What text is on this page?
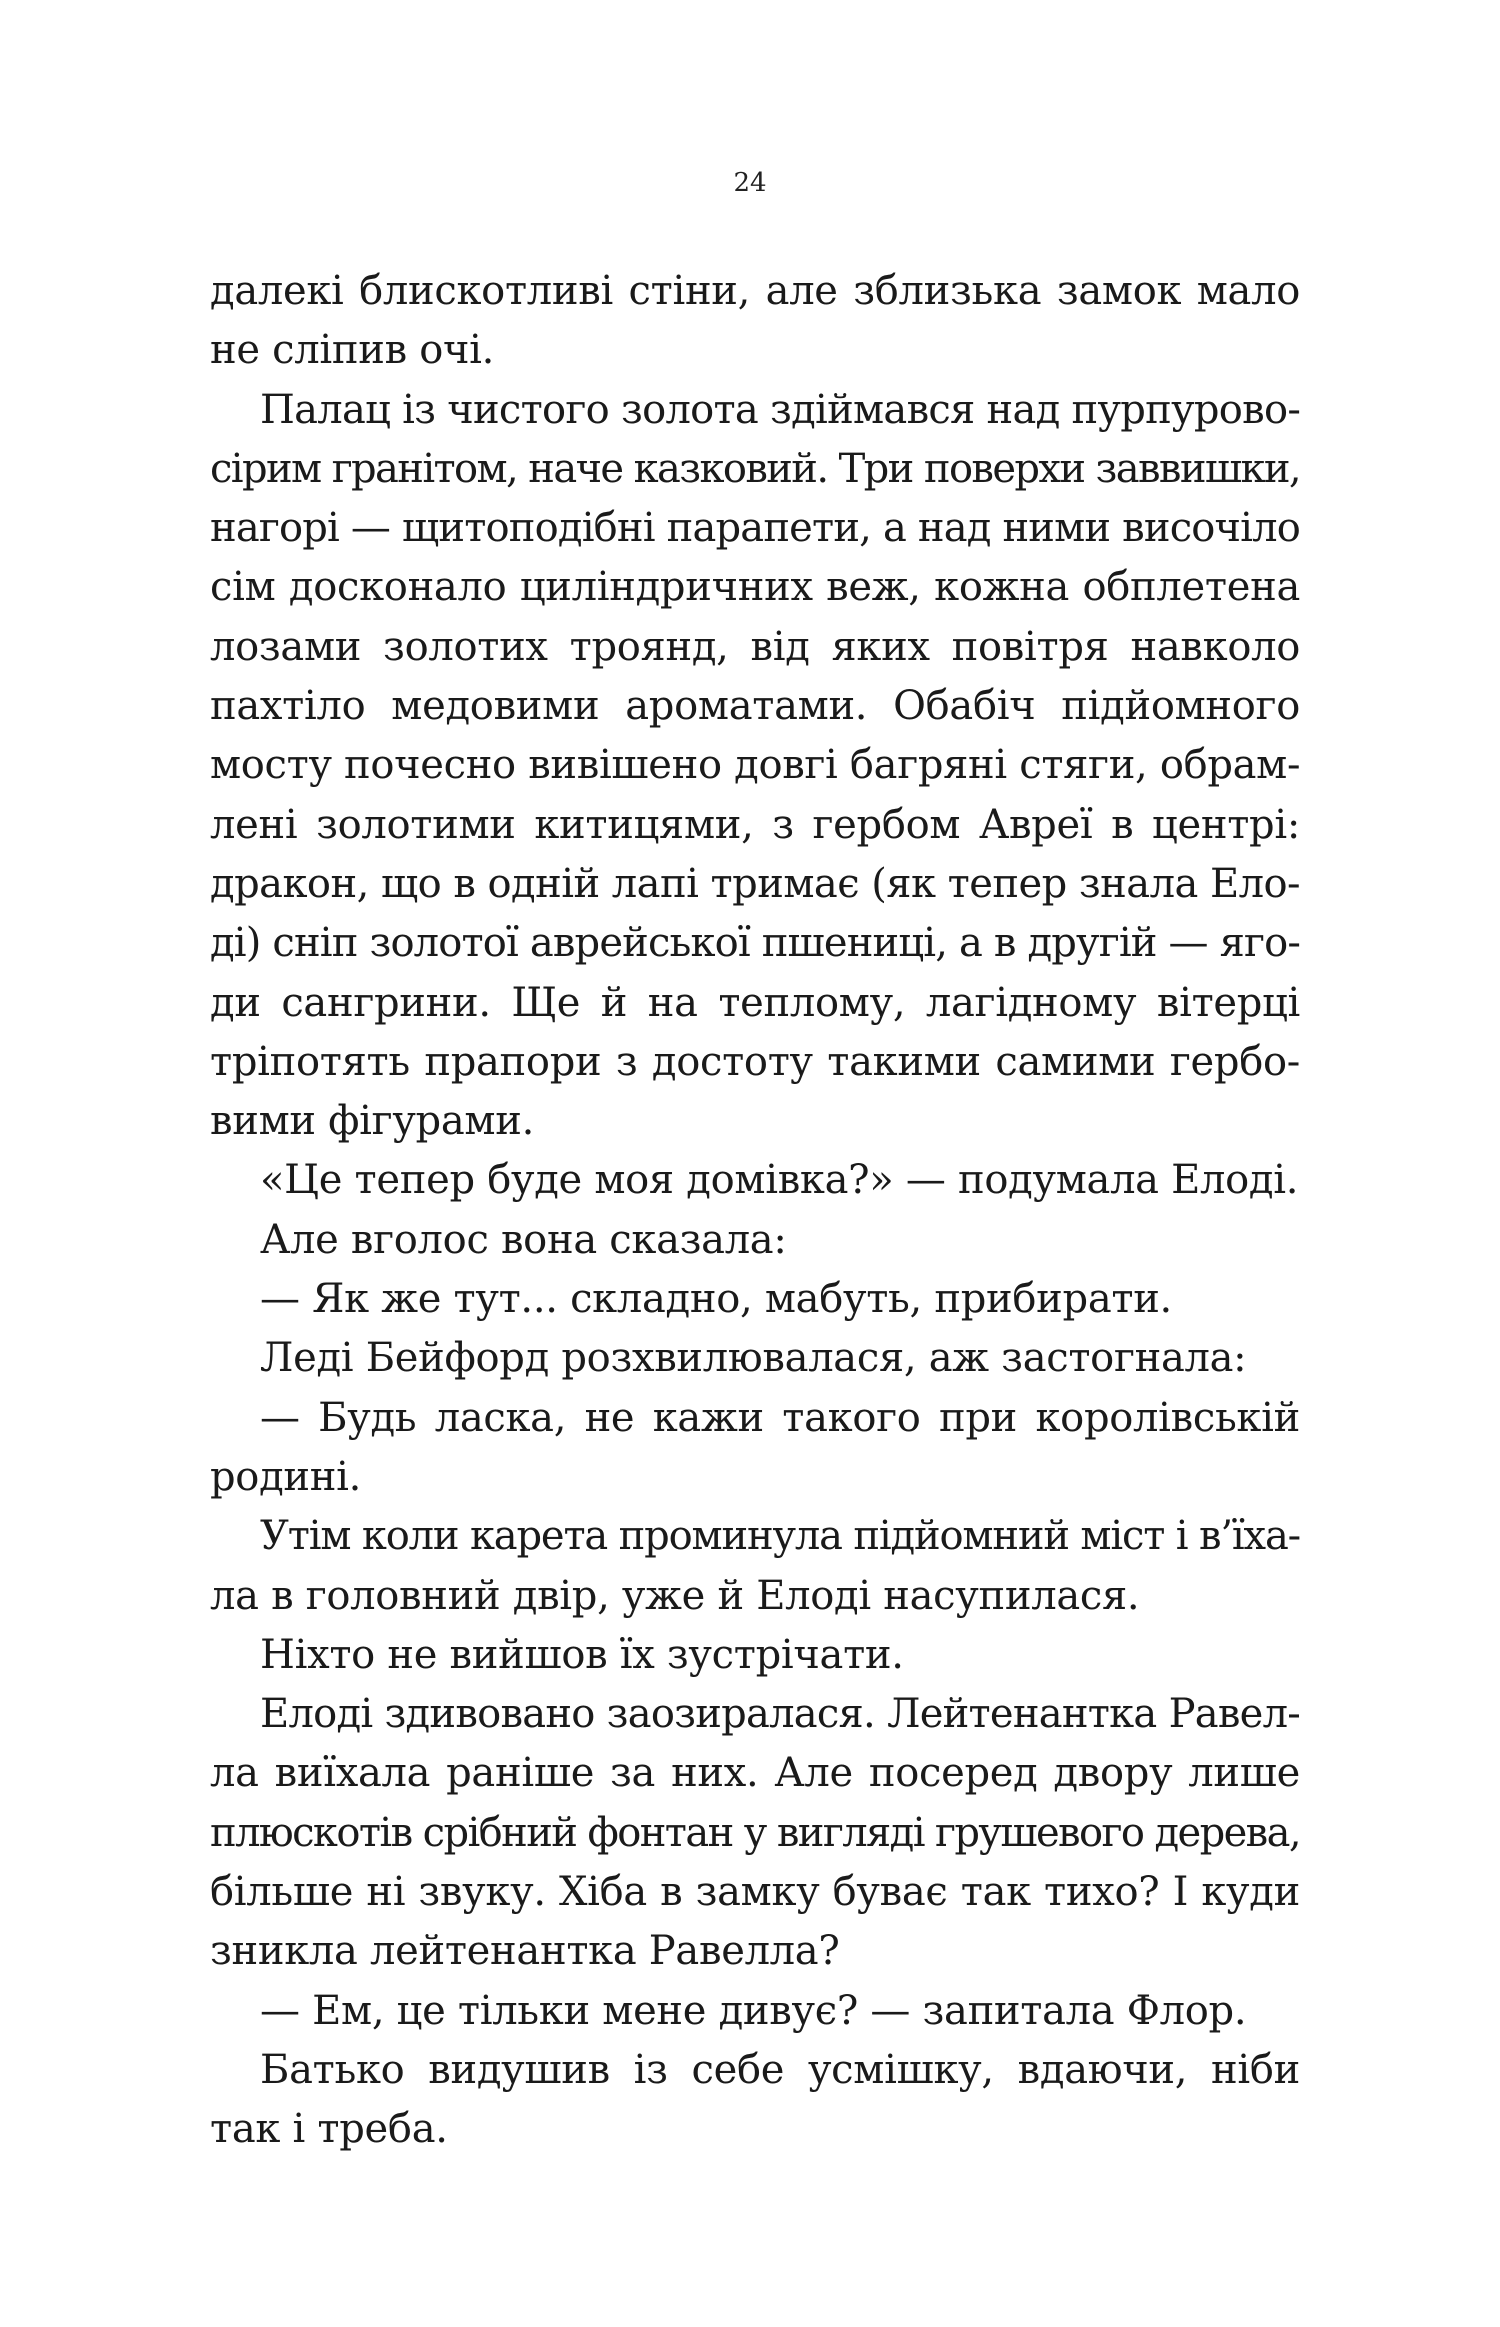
24

далекі блискотливі стіни, але зблизька замок мало
не сліпив очі.
Палац із чистого золота здіймався над пурпурово-
сірим гранітом, наче казковий. Три поверхи заввишки,
нагорі — щитоподібні парапети, а над ними височіло
сім досконало циліндричних веж, кожна обплетена
лозами золотих троянд, від яких повітря навколо
пахтіло медовими ароматами. Обабіч підйомного
мосту почесно вивішено довгі багряні стяги, обрам-
лені золотими китицями, з гербом Авреї в центрі:
дракон, що в одній лапі тримає (як тепер знала Ело-
ді) сніп золотої аврейської пшениці, а в другій — яго-
ди сангрини. Ще й на теплому, лагідному вітерці
тріпотять прапори з достоту такими самими гербо-
вими фігурами.
«Це тепер буде моя домівка?» — подумала Елоді.
Але вголос вона сказала:
— Як же тут... складно, мабуть, прибирати.
Леді Бейфорд розхвилювалася, аж застогнала:
— Будь ласка, не кажи такого при королівській
родині.
Утім коли карета проминула підйомний міст і в’їха-
ла в головний двір, уже й Елоді насупилася.
Ніхто не вийшов їх зустрічати.
Елоді здивовано заозиралася. Лейтенантка Равел-
ла виїхала раніше за них. Але посеред двору лише
плюскотів срібний фонтан у вигляді грушевого дерева,
більше ні звуку. Хіба в замку буває так тихо? І куди
зникла лейтенантка Равелла?
— Ем, це тільки мене дивує? — запитала Флор.
Батько видушив із себе усмішку, вдаючи, ніби
так і треба.
